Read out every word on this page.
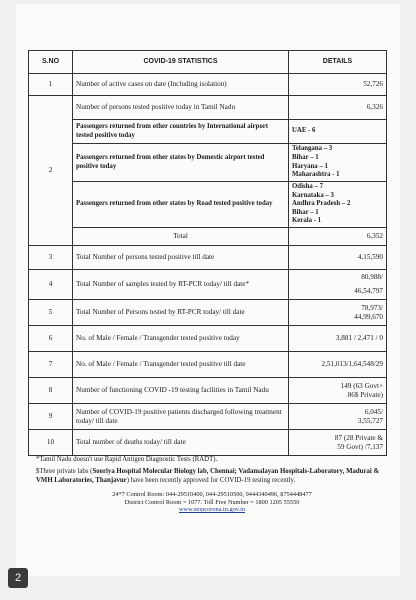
S.NO	COVID-19 STATISTICS	DETAILS
1	Number of active cases on date (Including isolation)	52,726
2	Number of persons tested positive today in Tamil Nadu	6,326
	Passengers returned from other countries by International airport tested positive today	UAE - 6
	Passengers returned from other states by Domestic airport tested positive today	Telangana – 3
Bihar – 1
Haryana – 1
Maharashtra - 1

	Passengers returned from other states by Road tested positive today	Odisha – 7
Karnataka – 3
Andhra Pradesh – 2
Bihar – 1
Kerala - 1

	Total	6,352
3	Total Number of persons tested positive till date	4,15,590
4	Total Number of samples tested by RT-PCR today/ till date*	80,988/
46,54,797

5	Total Number of Persons tested by RT-PCR today/ till date	78,973/
44,99,670

6	No. of Male / Female / Transgender tested positive today	3,881 / 2,471 / 0
7	No. of Male / Female / Transgender tested positive till date	2,51,013/1,64,548/29
8	Number of functioning COVID -19 testing facilities in Tamil Nadu	149 (63 Govt+
86$ Private)

9	Number of COVID-19 positive patients discharged following treatment today/ till date	6,045/
3,55,727

10	Total number of deaths today/ till date	87 (28 Private &
59 Govt) /7,137

*Tamil Nadu doesn't use Rapid Antigen Diagnostic Tests (RADT).

$Three private labs (Sooriya Hospital Molecular Biology lab, Chennai; Vadamalayan Hospitals-Laboratory, Madurai & VMH Laboratories, Thanjavur) have been recently approved for COVID-19 testing recently.

24*7 Control Room: 044-29510400, 044-29510500, 9444340496, 8754448477
District Control Room = 1077. Toll Free Number = 1800 1205 55550
www.stopcorona.tn.gov.in
2
